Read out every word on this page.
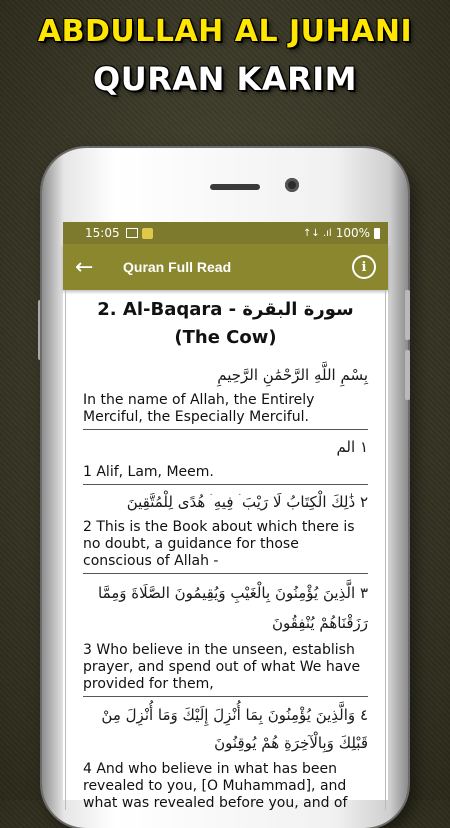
ABDULLAH AL JUHANI
QURAN KARIM
15:05	↑↓ .ıl 100%
←	Quran Full Read	i
2. Al-Baqara - سورة البقرة (The Cow)
بِسْمِ اللَّهِ الرَّحْمَٰنِ الرَّحِيمِ
In the name of Allah, the Entirely Merciful, the Especially Merciful.
١ الم
1 Alif, Lam, Meem.
٢ ذَٰلِكَ الْكِتَابُ لَا رَيْبَ ۛ فِيهِ ۛ هُدًى لِلْمُتَّقِينَ
2 This is the Book about which there is no doubt, a guidance for those conscious of Allah -
٣ الَّذِينَ يُؤْمِنُونَ بِالْغَيْبِ وَيُقِيمُونَ الصَّلَاةَ وَمِمَّا رَزَقْنَاهُمْ يُنْفِقُونَ
3 Who believe in the unseen, establish prayer, and spend out of what We have provided for them,
٤ وَالَّذِينَ يُؤْمِنُونَ بِمَا أُنْزِلَ إِلَيْكَ وَمَا أُنْزِلَ مِنْ قَبْلِكَ وَبِالْآخِرَةِ هُمْ يُوقِنُونَ
4 And who believe in what has been revealed to you, [O Muhammad], and what was revealed before you, and of
